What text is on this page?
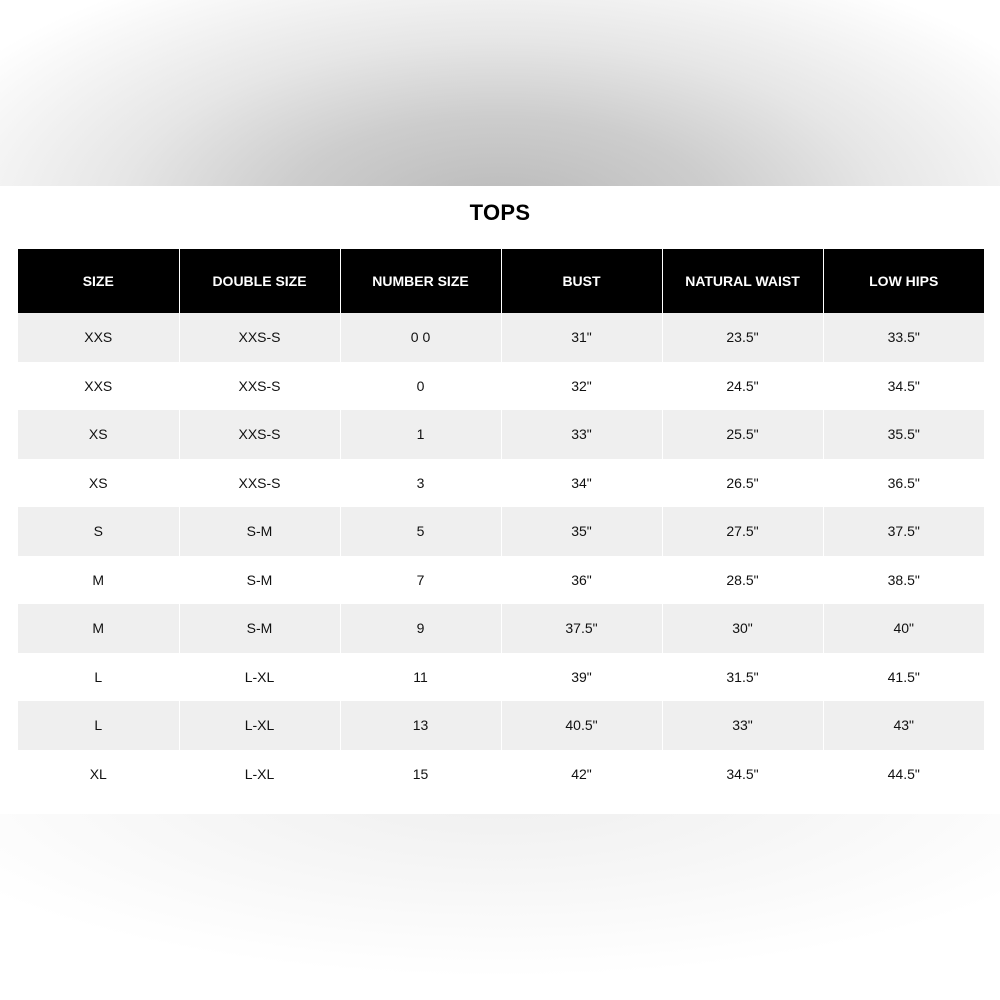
TOPS
SIZE	DOUBLE SIZE	NUMBER SIZE	BUST	NATURAL WAIST	LOW HIPS
XXS	XXS-S	0 0	31"	23.5"	33.5"
XXS	XXS-S	0	32"	24.5"	34.5"
XS	XXS-S	1	33"	25.5"	35.5"
XS	XXS-S	3	34"	26.5"	36.5"
S	S-M	5	35"	27.5"	37.5"
M	S-M	7	36"	28.5"	38.5"
M	S-M	9	37.5"	30"	40"
L	L-XL	11	39"	31.5"	41.5"
L	L-XL	13	40.5"	33"	43"
XL	L-XL	15	42"	34.5"	44.5"
